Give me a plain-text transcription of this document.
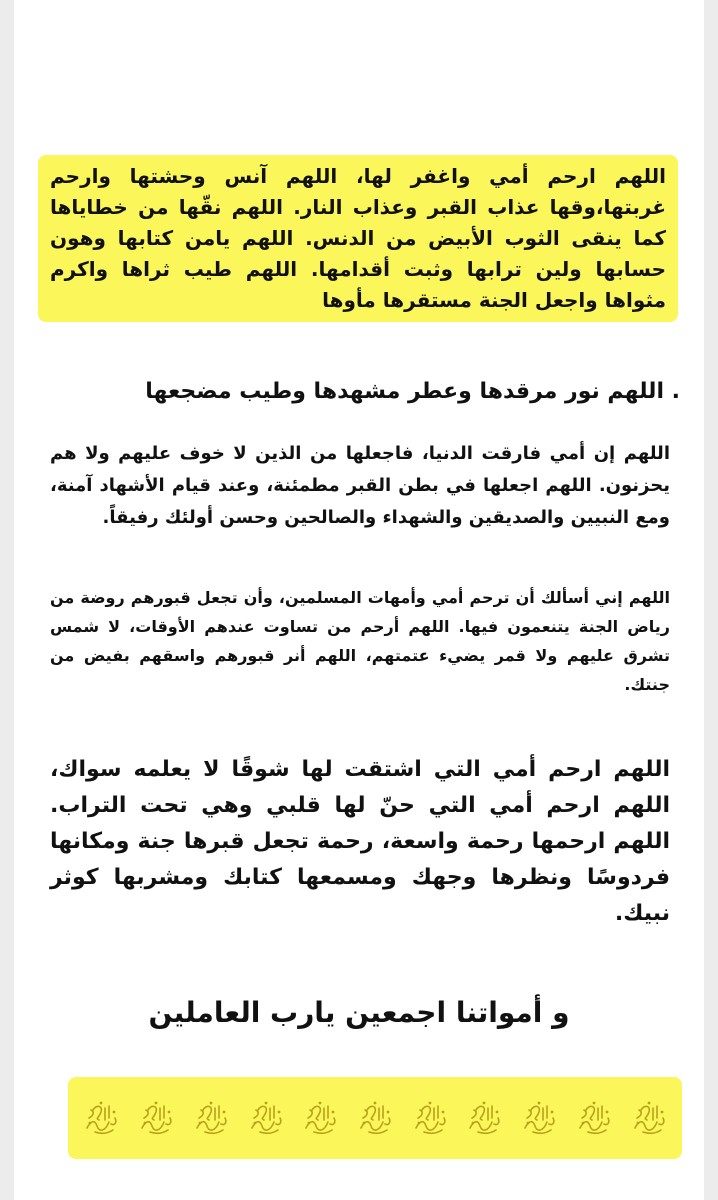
اللهم ارحم أمي واغفر لها، اللهم آنس وحشتها وارحم غربتها،وقها عذاب القبر وعذاب النار. اللهم نقّها من خطاياها كما ينقى الثوب الأبيض من الدنس. اللهم يامن كتابها وهون حسابها ولين ترابها وثبت أقدامها. اللهم طيب ثراها واكرم مثواها واجعل الجنة مستقرها مأوها
. اللهم نور مرقدها وعطر مشهدها وطيب مضجعها
اللهم إن أمي فارقت الدنيا، فاجعلها من الذين لا خوف عليهم ولا هم يحزنون. اللهم اجعلها في بطن القبر مطمئنة، وعند قيام الأشهاد آمنة، ومع النبيين والصديقين والشهداء والصالحين وحسن أولئك رفيقاً.
اللهم إني أسألك أن ترحم أمي وأمهات المسلمين، وأن تجعل قبورهم روضة من رياض الجنة يتنعمون فيها. اللهم أرحم من تساوت عندهم الأوقات، لا شمس تشرق عليهم ولا قمر يضيء عتمتهم، اللهم أنر قبورهم واسقهم بفيض من جنتك.
اللهم ارحم أمي التي اشتقت لها شوقًا لا يعلمه سواك، اللهم ارحم أمي التي حنّ لها قلبي وهي تحت التراب. اللهم ارحمها رحمة واسعة، رحمة تجعل قبرها جنة ومكانها فردوسًا ونظرها وجهك ومسمعها كتابك ومشربها كوثر نبيك.
و أمواتنا اجمعين يارب العاملين
